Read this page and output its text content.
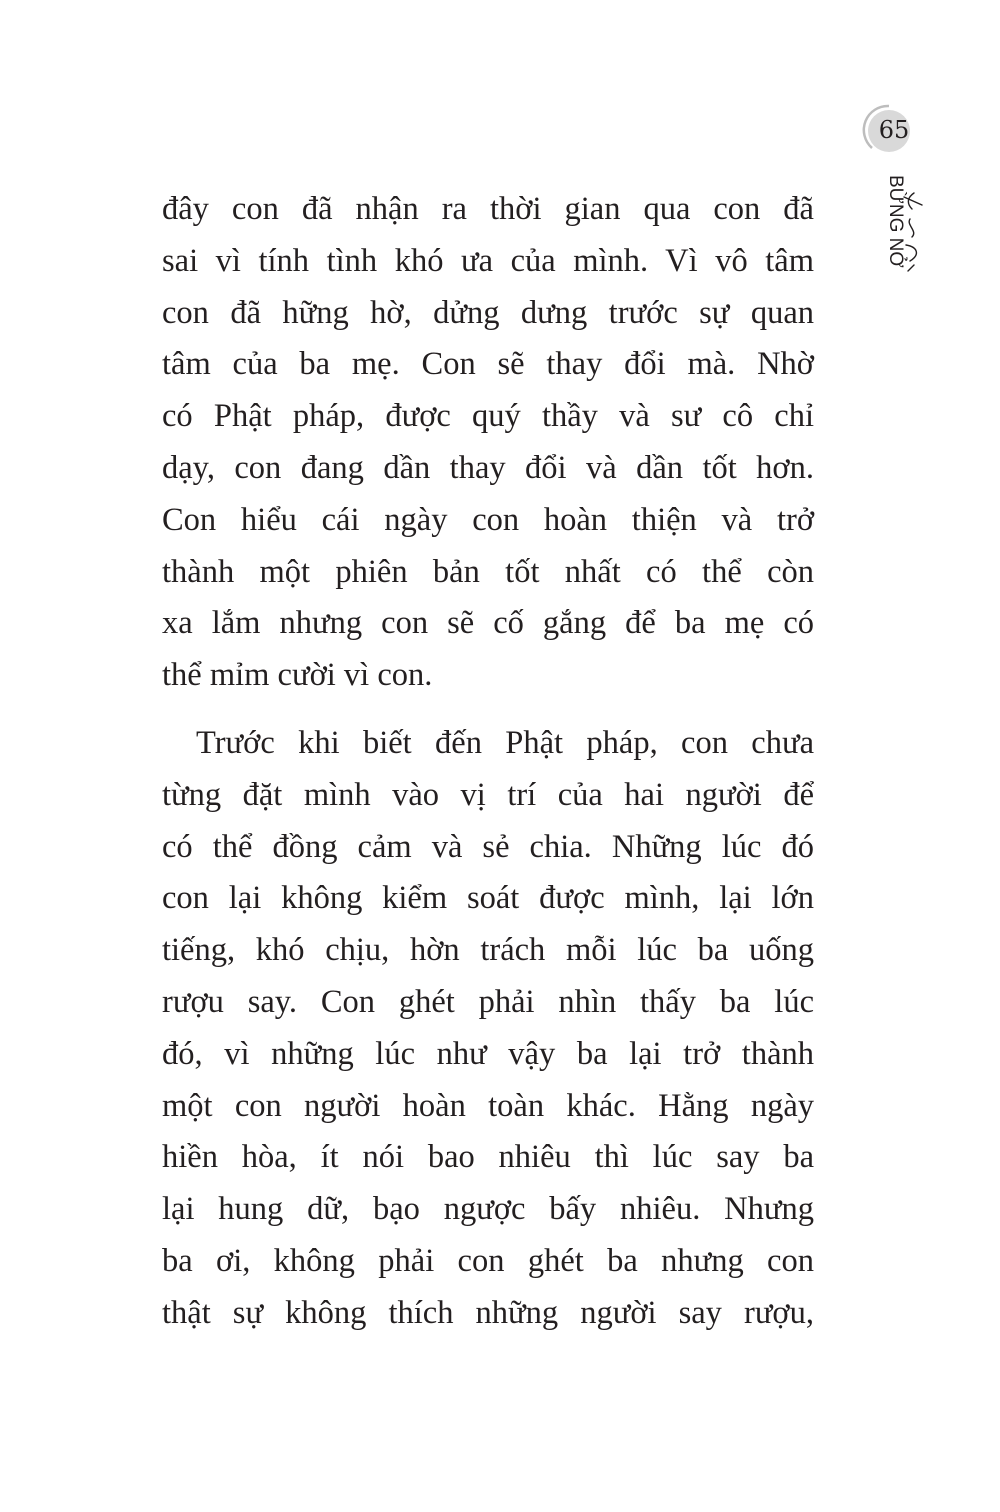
65
BỪNG NỞ
đây con đã nhận ra thời gian qua con đã
sai vì tính tình khó ưa của mình. Vì vô tâm
con đã hững hờ, dửng dưng trước sự quan
tâm của ba mẹ. Con sẽ thay đổi mà. Nhờ
có Phật pháp, được quý thầy và sư cô chỉ
dạy, con đang dần thay đổi và dần tốt hơn.
Con hiểu cái ngày con hoàn thiện và trở
thành một phiên bản tốt nhất có thể còn
xa lắm nhưng con sẽ cố gắng để ba mẹ có
thể mỉm cười vì con.
Trước khi biết đến Phật pháp, con chưa
từng đặt mình vào vị trí của hai người để
có thể đồng cảm và sẻ chia. Những lúc đó
con lại không kiểm soát được mình, lại lớn
tiếng, khó chịu, hờn trách mỗi lúc ba uống
rượu say. Con ghét phải nhìn thấy ba lúc
đó, vì những lúc như vậy ba lại trở thành
một con người hoàn toàn khác. Hằng ngày
hiền hòa, ít nói bao nhiêu thì lúc say ba
lại hung dữ, bạo ngược bấy nhiêu. Nhưng
ba ơi, không phải con ghét ba nhưng con
thật sự không thích những người say rượu,
